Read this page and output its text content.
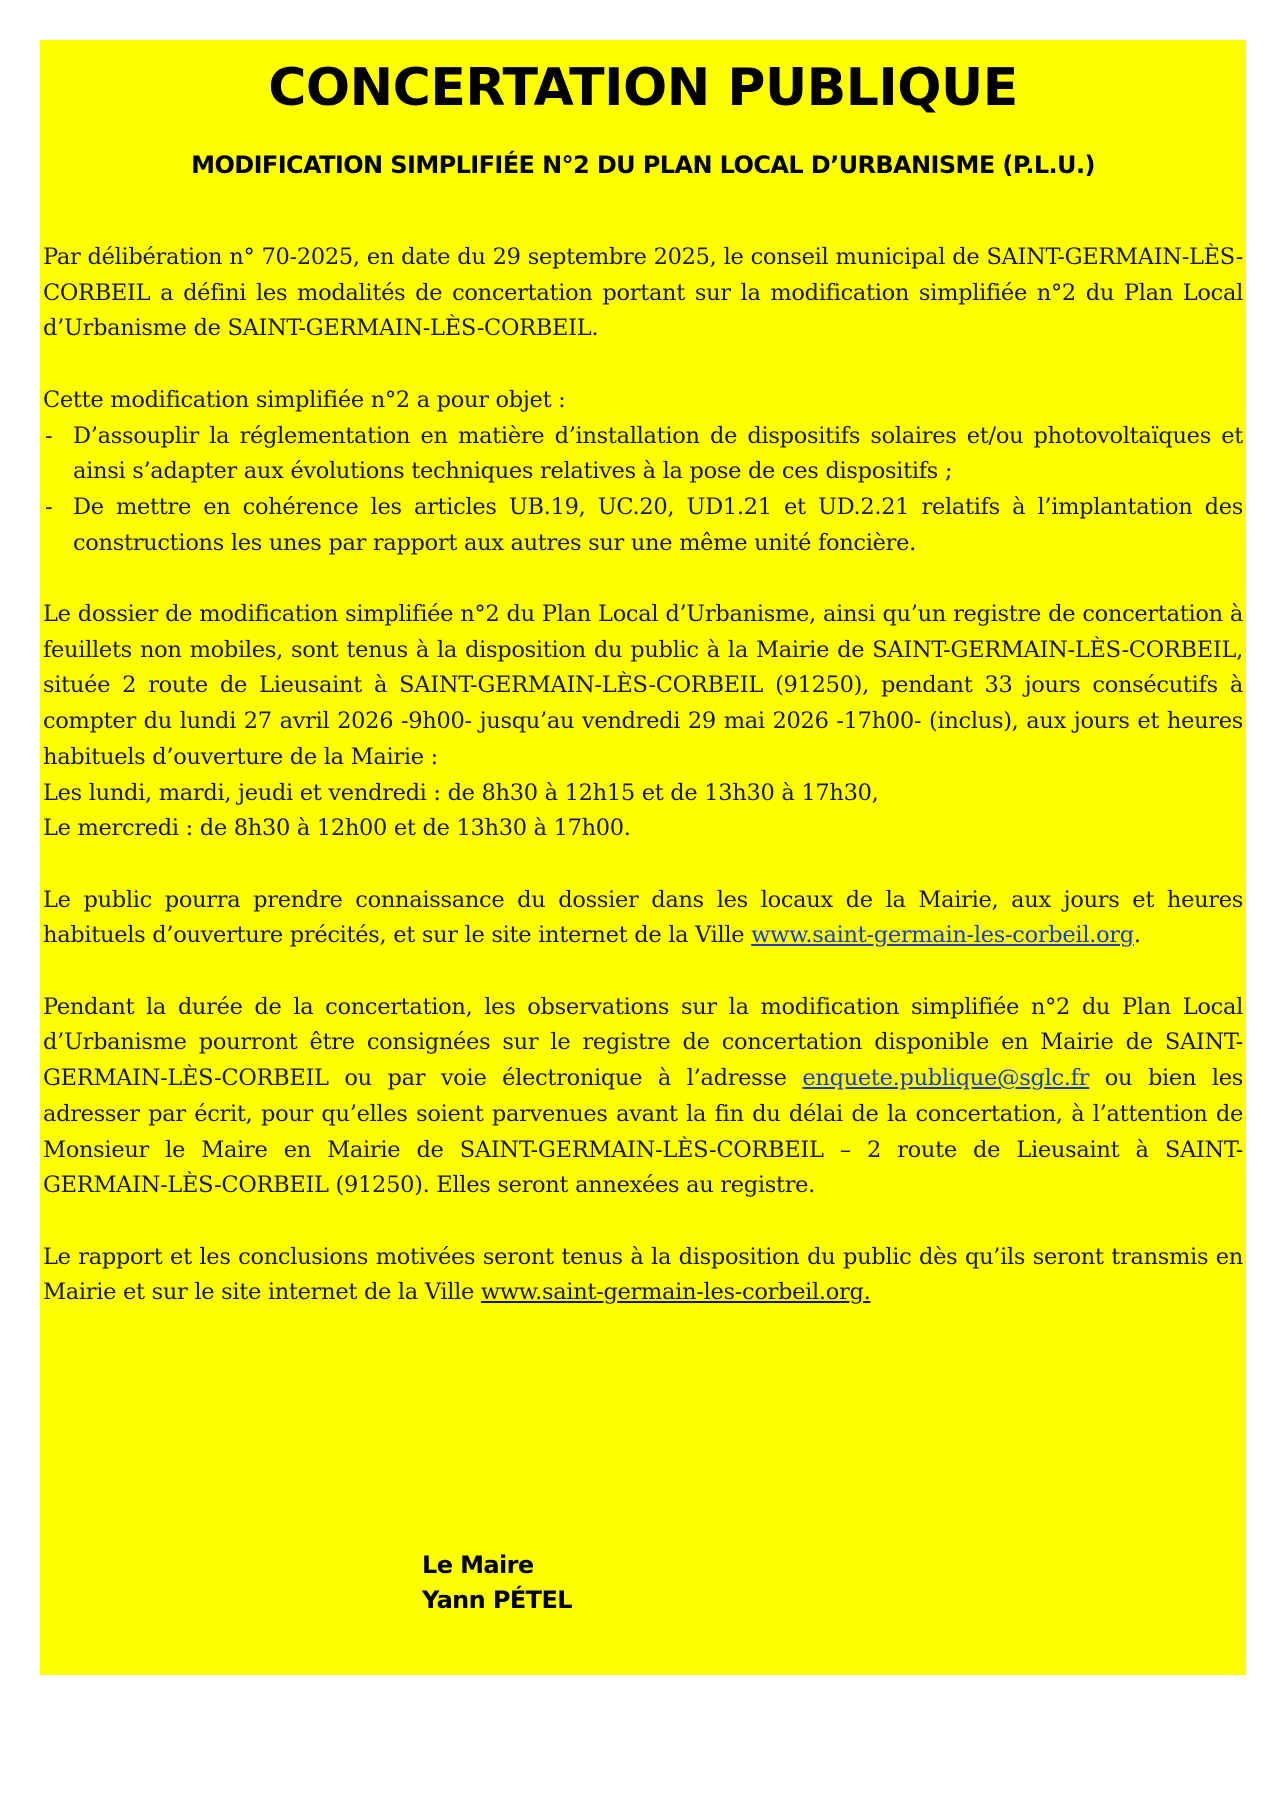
CONCERTATION PUBLIQUE
MODIFICATION SIMPLIFIÉE N°2 DU PLAN LOCAL D’URBANISME (P.L.U.)

Par délibération n° 70-2025, en date du 29 septembre 2025, le conseil municipal de SAINT-GERMAIN-LÈS-CORBEIL a défini les modalités de concertation portant sur la modification simplifiée n°2 du Plan Local d’Urbanisme de SAINT-GERMAIN-LÈS-CORBEIL.

Cette modification simplifiée n°2 a pour objet :
- D’assouplir la réglementation en matière d’installation de dispositifs solaires et/ou photovoltaïques et ainsi s’adapter aux évolutions techniques relatives à la pose de ces dispositifs ;
- De mettre en cohérence les articles UB.19, UC.20, UD1.21 et UD.2.21 relatifs à l’implantation des constructions les unes par rapport aux autres sur une même unité foncière.
Le dossier de modification simplifiée n°2 du Plan Local d’Urbanisme, ainsi qu’un registre de concertation à feuillets non mobiles, sont tenus à la disposition du public à la Mairie de SAINT-GERMAIN-LÈS-CORBEIL, située 2 route de Lieusaint à SAINT-GERMAIN-LÈS-CORBEIL (91250), pendant 33 jours consécutifs à compter du lundi 27 avril 2026 -9h00- jusqu’au vendredi 29 mai 2026 -17h00- (inclus), aux jours et heures habituels d’ouverture de la Mairie :
Les lundi, mardi, jeudi et vendredi : de 8h30 à 12h15 et de 13h30 à 17h30,
Le mercredi : de 8h30 à 12h00 et de 13h30 à 17h00.

Le public pourra prendre connaissance du dossier dans les locaux de la Mairie, aux jours et heures habituels d’ouverture précités, et sur le site internet de la Ville www.saint-germain-les-corbeil.org.

Pendant la durée de la concertation, les observations sur la modification simplifiée n°2 du Plan Local d’Urbanisme pourront être consignées sur le registre de concertation disponible en Mairie de SAINT-GERMAIN-LÈS-CORBEIL ou par voie électronique à l’adresse enquete.publique@sglc.fr ou bien les adresser par écrit, pour qu’elles soient parvenues avant la fin du délai de la concertation, à l’attention de Monsieur le Maire en Mairie de SAINT-GERMAIN-LÈS-CORBEIL – 2 route de Lieusaint à SAINT-GERMAIN-LÈS-CORBEIL (91250). Elles seront annexées au registre.

Le rapport et les conclusions motivées seront tenus à la disposition du public dès qu’ils seront transmis en Mairie et sur le site internet de la Ville www.saint-germain-les-corbeil.org.

Le Maire
Yann PÉTEL
